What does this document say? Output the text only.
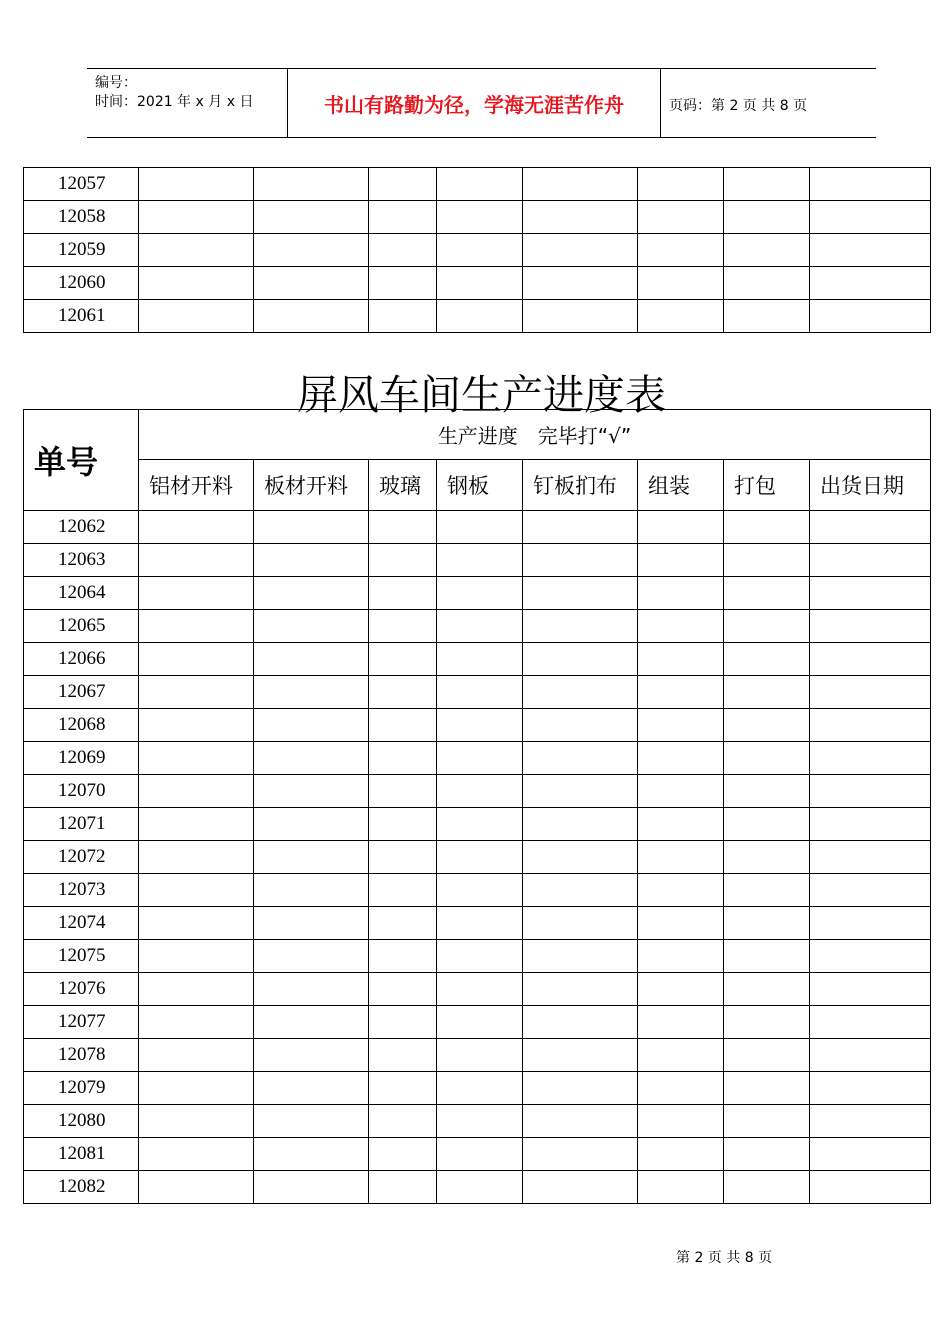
编号：
时间：2021 年 x 月 x 日	书山有路勤为径，学海无涯苦作舟	页码：第 2 页 共 8 页
12057								
12058								
12059								
12060								
12061								
屏风车间生产进度表
单号	生产进度　完毕打“√”							
	铝材开料	板材开料	玻璃	钢板	钉板扪布	组装	打包	出货日期
12062								
12063								
12064								
12065								
12066								
12067								
12068								
12069								
12070								
12071								
12072								
12073								
12074								
12075								
12076								
12077								
12078								
12079								
12080								
12081								
12082								
第 2 页 共 8 页
